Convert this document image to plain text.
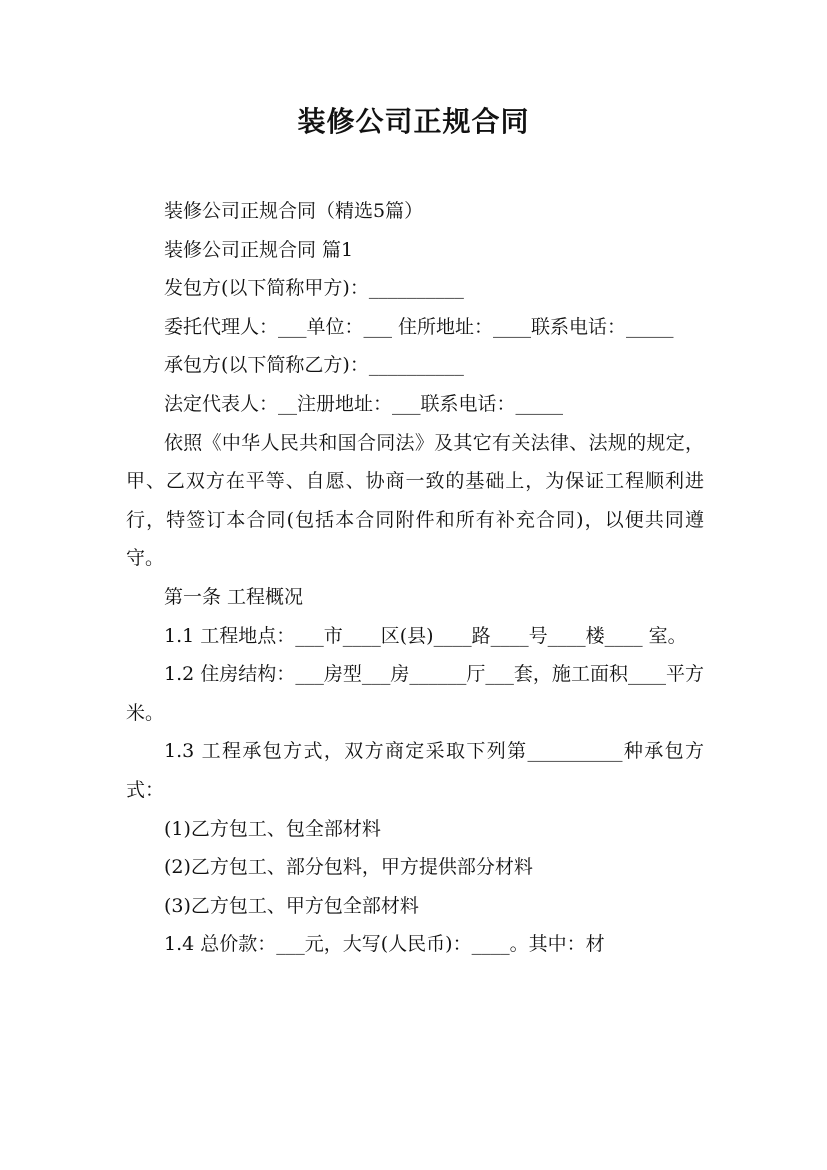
装修公司正规合同

装修公司正规合同（精选5篇）

装修公司正规合同 篇1

发包方(以下简称甲方)：__________

委托代理人：___单位：___ 住所地址：____联系电话：_____

承包方(以下简称乙方)：__________

法定代表人：__注册地址：___联系电话：_____

依照《中华人民共和国合同法》及其它有关法律、法规的规定，甲、乙双方在平等、自愿、协商一致的基础上，为保证工程顺利进行，特签订本合同(包括本合同附件和所有补充合同)，以便共同遵守。

第一条 工程概况

1.1 工程地点：___市____区(县)____路____号____楼____ 室。

1.2 住房结构：___房型___房______厅___套，施工面积____平方米。

1.3 工程承包方式，双方商定采取下列第__________种承包方式：

(1)乙方包工、包全部材料

(2)乙方包工、部分包料，甲方提供部分材料

(3)乙方包工、甲方包全部材料

1.4 总价款：___元，大写(人民币)：____。其中：材
